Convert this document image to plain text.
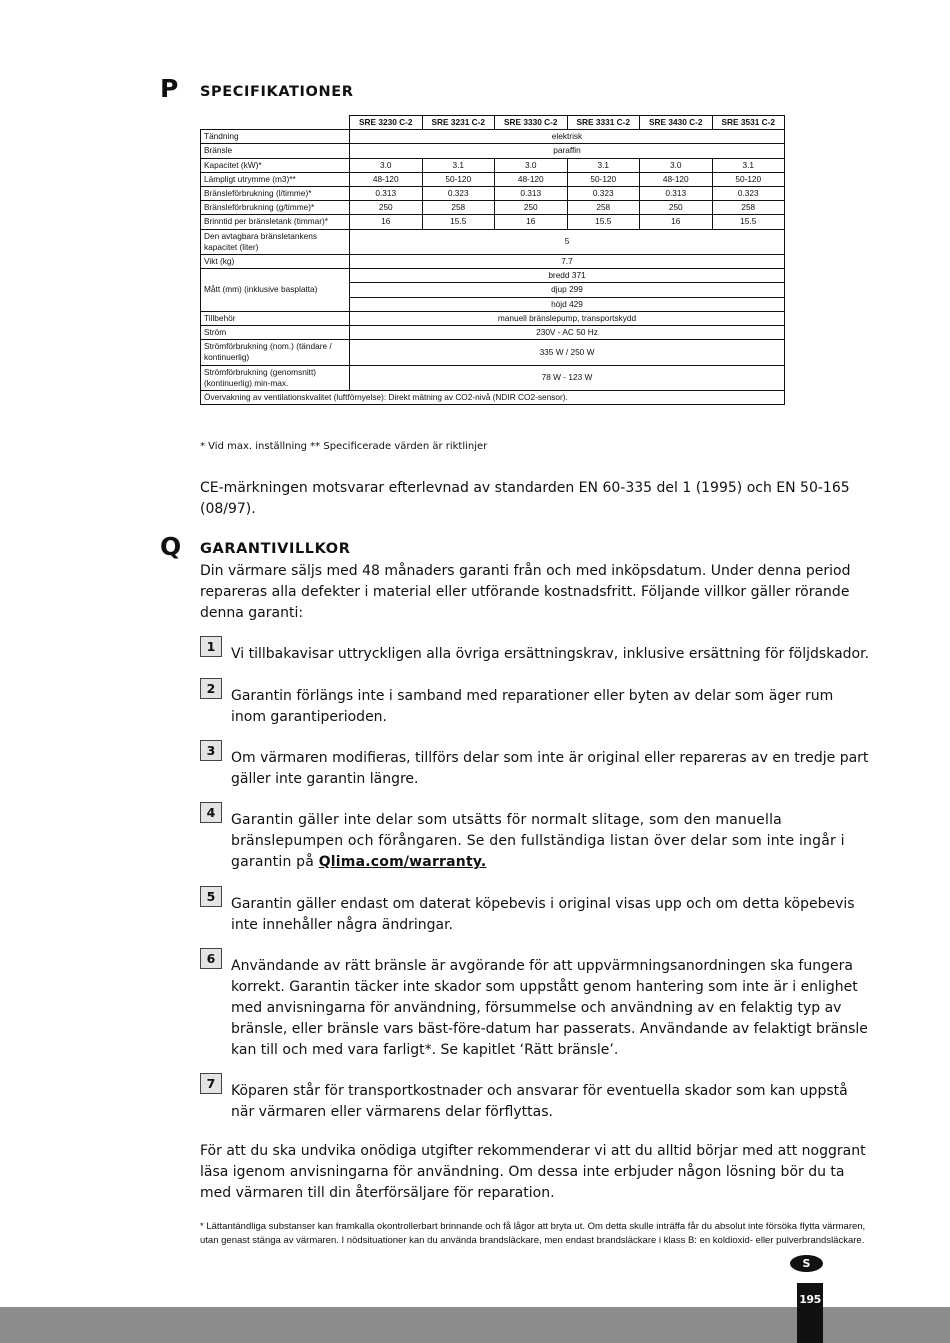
P SPECIFIKATIONER
	SRE 3230 C-2	SRE 3231 C-2	SRE 3330 C-2	SRE 3331 C-2	SRE 3430 C-2	SRE 3531 C-2
Tändning	elektrisk					
Bränsle	paraffin					
Kapacitet (kW)*	3.0	3.1	3.0	3.1	3.0	3.1
Lämpligt utrymme (m3)**	48-120	50-120	48-120	50-120	48-120	50-120
Bränsleförbrukning (l/timme)*	0.313	0.323	0.313	0.323	0.313	0.323
Bränsleförbrukning (g/timme)*	250	258	250	258	250	258
Brinntid per bränsletank (timmar)*	16	15.5	16	15.5	16	15.5
Den avtagbara bränsletankens kapacitet (liter)	5					
Vikt (kg)	7.7					
Mått (mm) (inklusive basplatta)	bredd 371					
	djup 299					
	höjd 429					
Tillbehör	manuell bränslepump, transportskydd					
Ström	230V - AC 50 Hz					
Strömförbrukning (nom.) (tändare / kontinuerlig)	335 W / 250 W					
Strömförbrukning (genomsnitt) (kontinuerlig) min-max.	78 W - 123 W					
Övervakning av ventilationskvalitet (luftförnyelse): Direkt mätning av CO2-nivå (NDIR CO2-sensor).						
* Vid max. inställning ** Specificerade värden är riktlinjer
CE-märkningen motsvarar efterlevnad av standarden EN 60-335 del 1 (1995) och EN 50-165 (08/97).
Q GARANTIVILLKOR
Din värmare säljs med 48 månaders garanti från och med inköpsdatum. Under denna period repareras alla defekter i material eller utförande kostnadsfritt. Följande villkor gäller rörande denna garanti:
1	Vi tillbakavisar uttryckligen alla övriga ersättningskrav, inklusive ersättning för följdskador.
2	Garantin förlängs inte i samband med reparationer eller byten av delar som äger rum inom garantiperioden.
3	Om värmaren modifieras, tillförs delar som inte är original eller repareras av en tredje part gäller inte garantin längre.
4	Garantin gäller inte delar som utsätts för normalt slitage, som den manuella bränslepumpen och förångaren. Se den fullständiga listan över delar som inte ingår i garantin på Qlima.com/warranty.
5	Garantin gäller endast om daterat köpebevis i original visas upp och om detta köpebevis inte innehåller några ändringar.
6	Användande av rätt bränsle är avgörande för att uppvärmningsanordningen ska fungera korrekt. Garantin täcker inte skador som uppstått genom hantering som inte är i enlighet med anvisningarna för användning, försummelse och användning av en felaktig typ av bränsle, eller bränsle vars bäst-före-datum har passerats. Användande av felaktigt bränsle kan till och med vara farligt*. Se kapitlet ‘Rätt bränsle’.
7	Köparen står för transportkostnader och ansvarar för eventuella skador som kan uppstå när värmaren eller värmarens delar förflyttas.
För att du ska undvika onödiga utgifter rekommenderar vi att du alltid börjar med att noggrant läsa igenom anvisningarna för användning. Om dessa inte erbjuder någon lösning bör du ta med värmaren till din återförsäljare för reparation.
* Lättantändliga substanser kan framkalla okontrollerbart brinnande och få lågor att bryta ut. Om detta skulle inträffa får du absolut inte försöka flytta värmaren, utan genast stänga av värmaren. I nödsituationer kan du använda brandsläckare, men endast brandsläckare i klass B: en koldioxid- eller pulverbrandsläckare.
S
195
